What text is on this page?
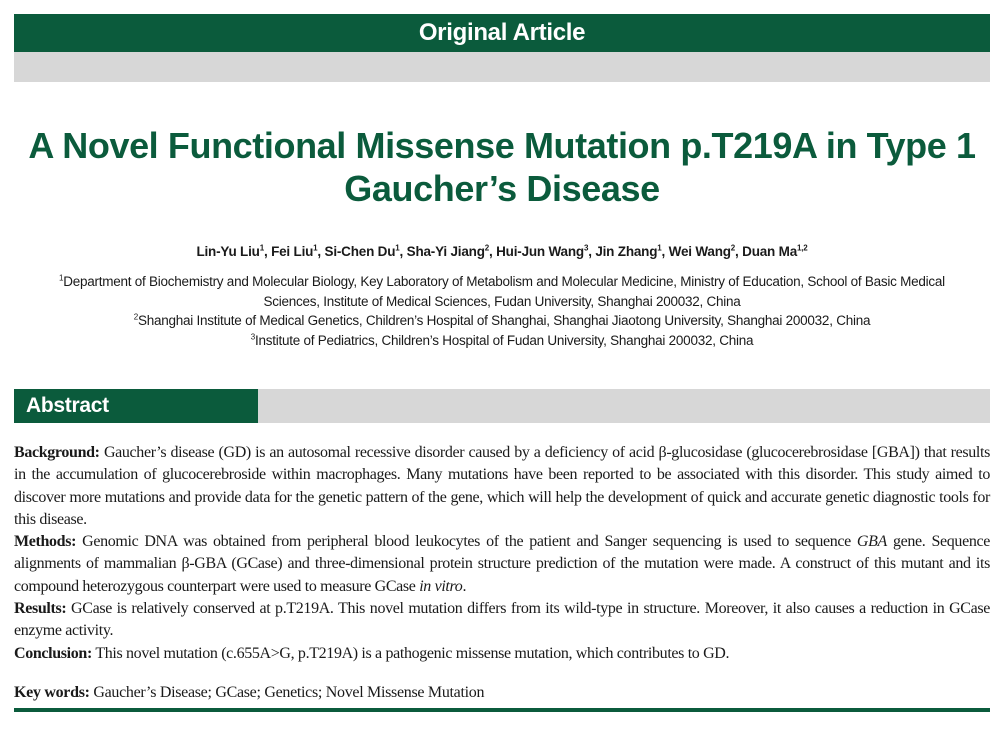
Original Article
A Novel Functional Missense Mutation p.T219A in Type 1 Gaucher’s Disease
Lin-Yu Liu$^1$, Fei Liu$^1$, Si-Chen Du$^1$, Sha-Yi Jiang$^2$, Hui-Jun Wang$^3$, Jin Zhang$^1$, Wei Wang$^2$, Duan Ma$^{1,2}$
$^1$Department of Biochemistry and Molecular Biology, Key Laboratory of Metabolism and Molecular Medicine, Ministry of Education, School of Basic Medical
Sciences, Institute of Medical Sciences, Fudan University, Shanghai 200032, China
$^2$Shanghai Institute of Medical Genetics, Children’s Hospital of Shanghai, Shanghai Jiaotong University, Shanghai 200032, China
$^3$Institute of Pediatrics, Children’s Hospital of Fudan University, Shanghai 200032, China
Abstract

Background: Gaucher’s disease (GD) is an autosomal recessive disorder caused by a deficiency of acid β-glucosidase (glucocerebrosidase [GBA]) that results in the accumulation of glucocerebroside within macrophages. Many mutations have been reported to be associated with this disorder. This study aimed to discover more mutations and provide data for the genetic pattern of the gene, which will help the development of quick and accurate genetic diagnostic tools for this disease.

Methods: Genomic DNA was obtained from peripheral blood leukocytes of the patient and Sanger sequencing is used to sequence GBA gene. Sequence alignments of mammalian β-GBA (GCase) and three-dimensional protein structure prediction of the mutation were made. A construct of this mutant and its compound heterozygous counterpart were used to measure GCase in vitro.

Results: GCase is relatively conserved at p.T219A. This novel mutation differs from its wild-type in structure. Moreover, it also causes a reduction in GCase enzyme activity.

Conclusion: This novel mutation (c.655A>G, p.T219A) is a pathogenic missense mutation, which contributes to GD.

Key words: Gaucher’s Disease; GCase; Genetics; Novel Missense Mutation
